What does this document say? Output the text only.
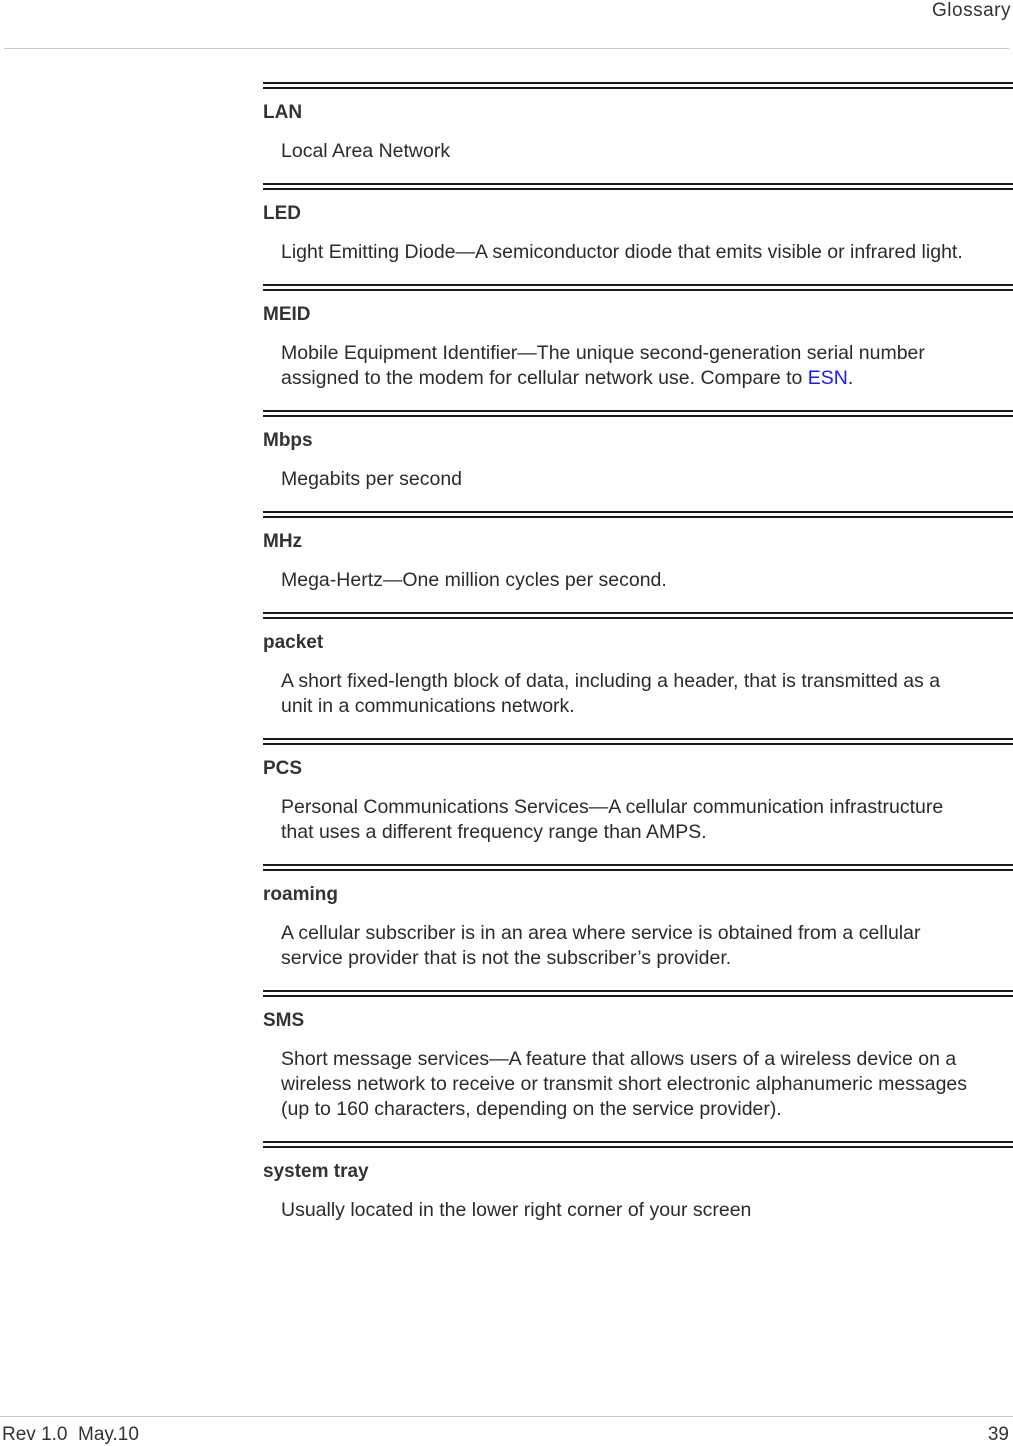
Glossary
LAN
Local Area Network
LED
Light Emitting Diode—A semiconductor diode that emits visible or infrared light.
MEID
Mobile Equipment Identifier—The unique second-generation serial number assigned to the modem for cellular network use. Compare to ESN.
Mbps
Megabits per second
MHz
Mega-Hertz—One million cycles per second.
packet
A short fixed-length block of data, including a header, that is transmitted as a unit in a communications network.
PCS
Personal Communications Services—A cellular communication infrastructure that uses a different frequency range than AMPS.
roaming
A cellular subscriber is in an area where service is obtained from a cellular service provider that is not the subscriber’s provider.
SMS
Short message services—A feature that allows users of a wireless device on a wireless network to receive or transmit short electronic alphanumeric messages (up to 160 characters, depending on the service provider).
system tray
Usually located in the lower right corner of your screen
Rev 1.0  May.10	39
